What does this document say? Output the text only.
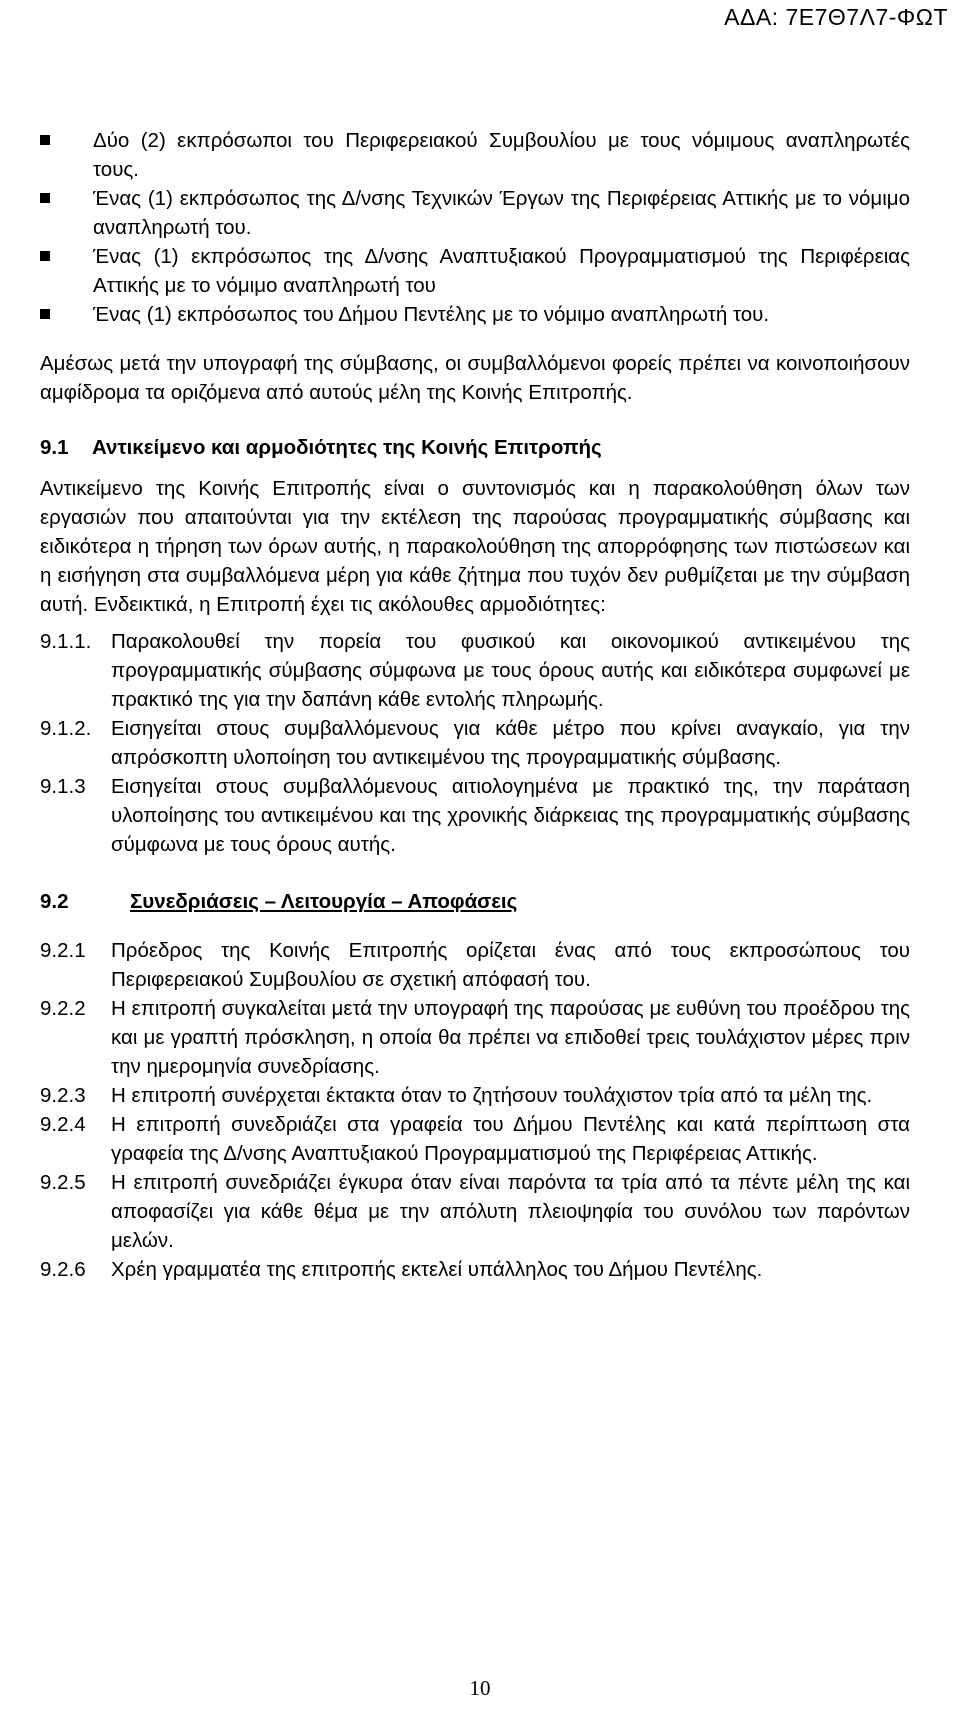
ΑΔΑ: 7Ε7Θ7Λ7-ΦΩΤ
Δύο (2) εκπρόσωποι του Περιφερειακού Συμβουλίου με τους νόμιμους αναπληρωτές τους.
Ένας (1) εκπρόσωπος της Δ/νσης Τεχνικών Έργων της Περιφέρειας Αττικής με το νόμιμο αναπληρωτή του.
Ένας (1) εκπρόσωπος της Δ/νσης Αναπτυξιακού Προγραμματισμού της Περιφέρειας Αττικής με το νόμιμο αναπληρωτή του
Ένας (1) εκπρόσωπος του Δήμου Πεντέλης με το νόμιμο αναπληρωτή του.
Αμέσως μετά την υπογραφή της σύμβασης, οι συμβαλλόμενοι φορείς πρέπει να κοινοποιήσουν αμφίδρομα τα οριζόμενα από αυτούς μέλη της Κοινής Επιτροπής.
9.1 Αντικείμενο και αρμοδιότητες της Κοινής Επιτροπής
Αντικείμενο της Κοινής Επιτροπής είναι ο συντονισμός και η παρακολούθηση όλων των εργασιών που απαιτούνται για την εκτέλεση της παρούσας προγραμματικής σύμβασης και ειδικότερα η τήρηση των όρων αυτής, η παρακολούθηση της απορρόφησης των πιστώσεων και η εισήγηση στα συμβαλλόμενα μέρη για κάθε ζήτημα που τυχόν δεν ρυθμίζεται με την σύμβαση αυτή. Ενδεικτικά, η Επιτροπή έχει τις ακόλουθες αρμοδιότητες:
9.1.1. Παρακολουθεί την πορεία του φυσικού και οικονομικού αντικειμένου της προγραμματικής σύμβασης σύμφωνα με τους όρους αυτής και ειδικότερα συμφωνεί με πρακτικό της για την δαπάνη κάθε εντολής πληρωμής.
9.1.2. Εισηγείται στους συμβαλλόμενους για κάθε μέτρο που κρίνει αναγκαίο, για την απρόσκοπτη υλοποίηση του αντικειμένου της προγραμματικής σύμβασης.
9.1.3 Εισηγείται στους συμβαλλόμενους αιτιολογημένα με πρακτικό της, την παράταση υλοποίησης του αντικειμένου και της χρονικής διάρκειας της προγραμματικής σύμβασης σύμφωνα με τους όρους αυτής.
9.2	Συνεδριάσεις – Λειτουργία – Αποφάσεις
9.2.1 Πρόεδρος της Κοινής Επιτροπής ορίζεται ένας από τους εκπροσώπους του Περιφερειακού Συμβουλίου σε σχετική απόφασή του.
9.2.2 Η επιτροπή συγκαλείται μετά την υπογραφή της παρούσας με ευθύνη του προέδρου της και με γραπτή πρόσκληση, η οποία θα πρέπει να επιδοθεί τρεις τουλάχιστον μέρες πριν την ημερομηνία συνεδρίασης.
9.2.3 Η επιτροπή συνέρχεται έκτακτα όταν το ζητήσουν τουλάχιστον τρία από τα μέλη της.
9.2.4 Η επιτροπή συνεδριάζει στα γραφεία του Δήμου Πεντέλης και κατά περίπτωση στα γραφεία της Δ/νσης Αναπτυξιακού Προγραμματισμού της Περιφέρειας Αττικής.
9.2.5 Η επιτροπή συνεδριάζει έγκυρα όταν είναι παρόντα τα τρία από τα πέντε μέλη της και αποφασίζει για κάθε θέμα με την απόλυτη πλειοψηφία του συνόλου των παρόντων μελών.
9.2.6 Χρέη γραμματέα της επιτροπής εκτελεί υπάλληλος του Δήμου Πεντέλης.
10
